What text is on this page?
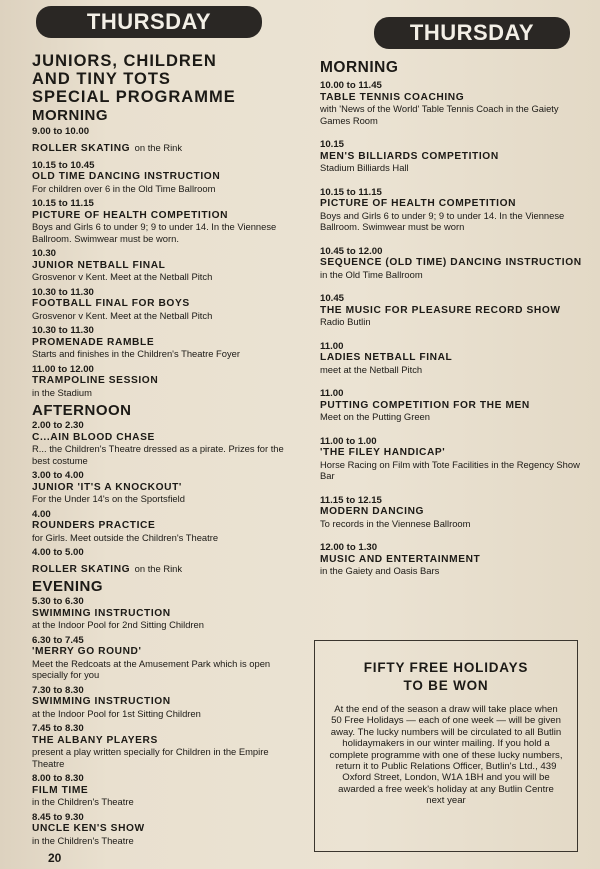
THURSDAY
JUNIORS, CHILDREN
AND TINY TOTS
SPECIAL PROGRAMME
MORNING
9.00 to 10.00
ROLLER SKATING on the Rink
10.15 to 10.45
OLD TIME DANCING INSTRUCTION
For children over 6 in the Old Time Ballroom
10.15 to 11.15
PICTURE OF HEALTH COMPETITION
Boys and Girls 6 to under 9; 9 to under 14. In the Viennese Ballroom. Swimwear must be worn.
10.30
JUNIOR NETBALL FINAL
Grosvenor v Kent. Meet at the Netball Pitch
10.30 to 11.30
FOOTBALL FINAL FOR BOYS
Grosvenor v Kent. Meet at the Netball Pitch
10.30 to 11.30
PROMENADE RAMBLE
Starts and finishes in the Children's Theatre Foyer
11.00 to 12.00
TRAMPOLINE SESSION
in the Stadium
AFTERNOON
2.00 to 2.30
C...AIN BLOOD CHASE
R... the Children's Theatre dressed as a pirate. Prizes for the best costume
3.00 to 4.00
JUNIOR 'IT'S A KNOCKOUT'
For the Under 14's on the Sportsfield
4.00
ROUNDERS PRACTICE
for Girls. Meet outside the Children's Theatre
4.00 to 5.00
ROLLER SKATING on the Rink
EVENING
5.30 to 6.30
SWIMMING INSTRUCTION
at the Indoor Pool for 2nd Sitting Children
6.30 to 7.45
'MERRY GO ROUND'
Meet the Redcoats at the Amusement Park which is open specially for you
7.30 to 8.30
SWIMMING INSTRUCTION
at the Indoor Pool for 1st Sitting Children
7.45 to 8.30
THE ALBANY PLAYERS
present a play written specially for Children in the Empire Theatre
8.00 to 8.30
FILM TIME
in the Children's Theatre
8.45 to 9.30
UNCLE KEN'S SHOW
in the Children's Theatre
20
THURSDAY
MORNING
10.00 to 11.45
TABLE TENNIS COACHING
with 'News of the World' Table Tennis Coach in the Gaiety Games Room
10.15
MEN'S BILLIARDS COMPETITION
Stadium Billiards Hall
10.15 to 11.15
PICTURE OF HEALTH COMPETITION
Boys and Girls 6 to under 9; 9 to under 14. In the Viennese Ballroom. Swimwear must be worn
10.45 to 12.00
SEQUENCE (OLD TIME) DANCING INSTRUCTION
in the Old Time Ballroom
10.45
THE MUSIC FOR PLEASURE RECORD SHOW
Radio Butlin
11.00
LADIES NETBALL FINAL
meet at the Netball Pitch
11.00
PUTTING COMPETITION FOR THE MEN
Meet on the Putting Green
11.00 to 1.00
'THE FILEY HANDICAP'
Horse Racing on Film with Tote Facilities in the Regency Show Bar
11.15 to 12.15
MODERN DANCING
To records in the Viennese Ballroom
12.00 to 1.30
MUSIC AND ENTERTAINMENT
in the Gaiety and Oasis Bars
FIFTY FREE HOLIDAYS
TO BE WON

At the end of the season a draw will take place when 50 Free Holidays — each of one week — will be given away. The lucky numbers will be circulated to all Butlin holidaymakers in our winter mailing. If you hold a complete programme with one of these lucky numbers, return it to Public Relations Officer, Butlin's Ltd., 439 Oxford Street, London, W1A 1BH and you will be awarded a free week's holiday at any Butlin Centre next year
